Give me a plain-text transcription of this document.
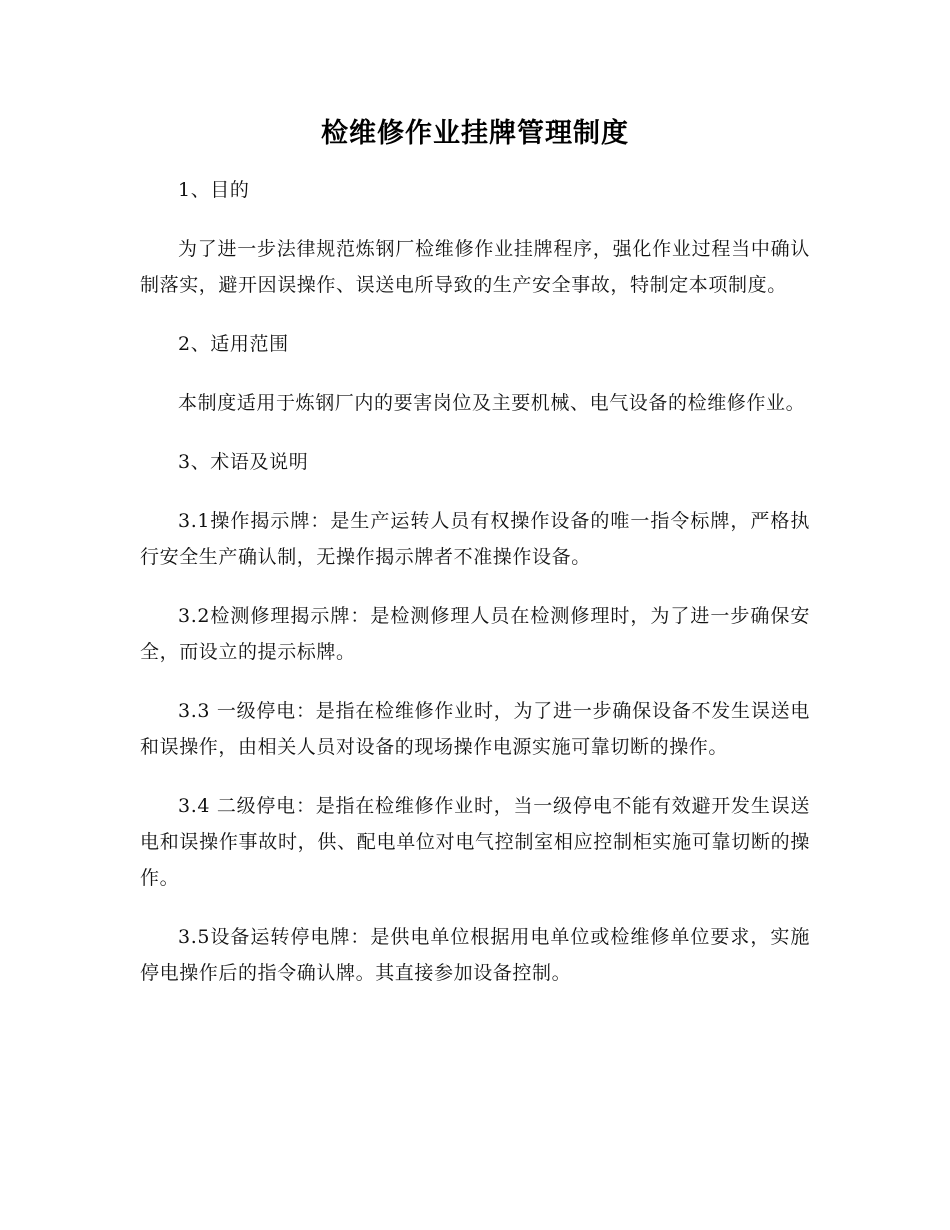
检维修作业挂牌管理制度

1、目的

为了进一步法律规范炼钢厂检维修作业挂牌程序，强化作业过程当中确认制落实，避开因误操作、误送电所导致的生产安全事故，特制定本项制度。

2、适用范围

本制度适用于炼钢厂内的要害岗位及主要机械、电气设备的检维修作业。

3、术语及说明

3.1操作揭示牌：是生产运转人员有权操作设备的唯一指令标牌，严格执行安全生产确认制，无操作揭示牌者不准操作设备。

3.2检测修理揭示牌：是检测修理人员在检测修理时，为了进一步确保安全，而设立的提示标牌。

3.3 一级停电：是指在检维修作业时，为了进一步确保设备不发生误送电和误操作，由相关人员对设备的现场操作电源实施可靠切断的操作。

3.4 二级停电：是指在检维修作业时，当一级停电不能有效避开发生误送电和误操作事故时，供、配电单位对电气控制室相应控制柜实施可靠切断的操作。

3.5设备运转停电牌：是供电单位根据用电单位或检维修单位要求，实施停电操作后的指令确认牌。其直接参加设备控制。
